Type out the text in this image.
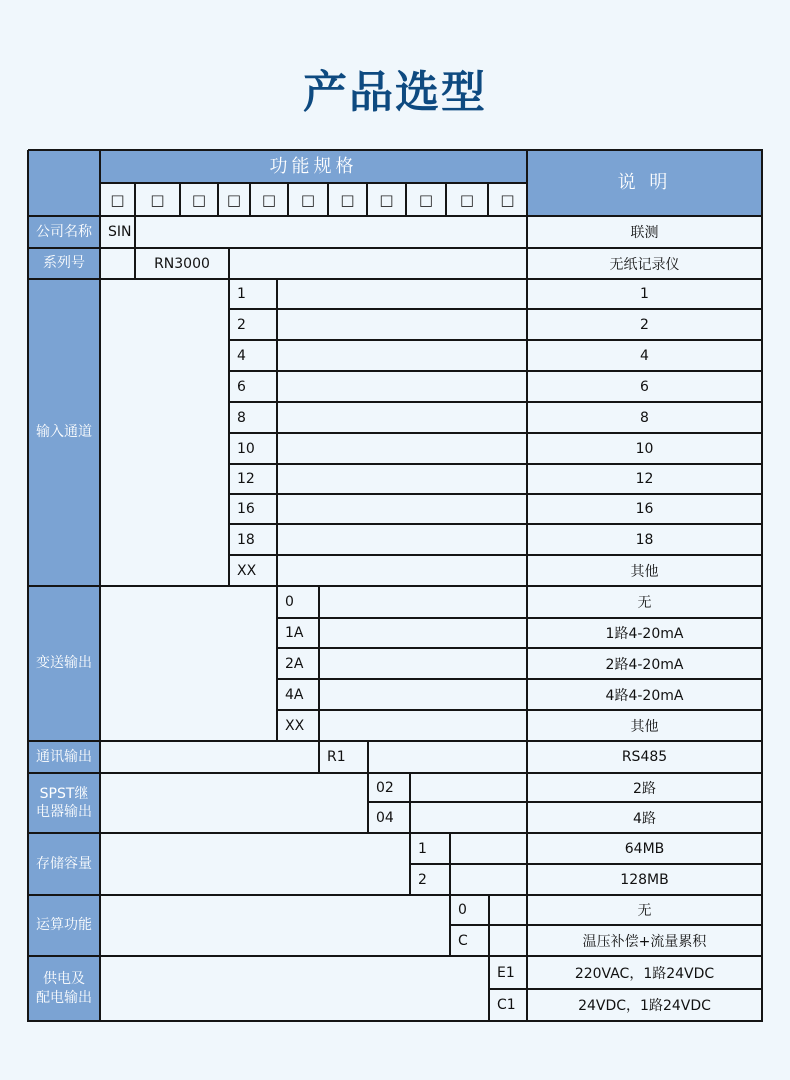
产品选型
功能规格
说 明
□	□	□	□	□	□	□	□	□	□	□
公司名称	SIN	联测
系列号	RN3000	无纸记录仪
输入通道
1	1
2	2
4	4
6	6
8	8
10	10
12	12
16	16
18	18
XX	其他
变送输出
0	无
1A	1路4-20mA
2A	2路4-20mA
4A	4路4-20mA
XX	其他
通讯输出	R1	RS485
SPST继
电器输出
02	2路
04	4路
存储容量
1	64MB
2	128MB
运算功能
0	无
C	温压补偿+流量累积
供电及
配电输出
E1	220VAC，1路24VDC
C1	24VDC，1路24VDC
